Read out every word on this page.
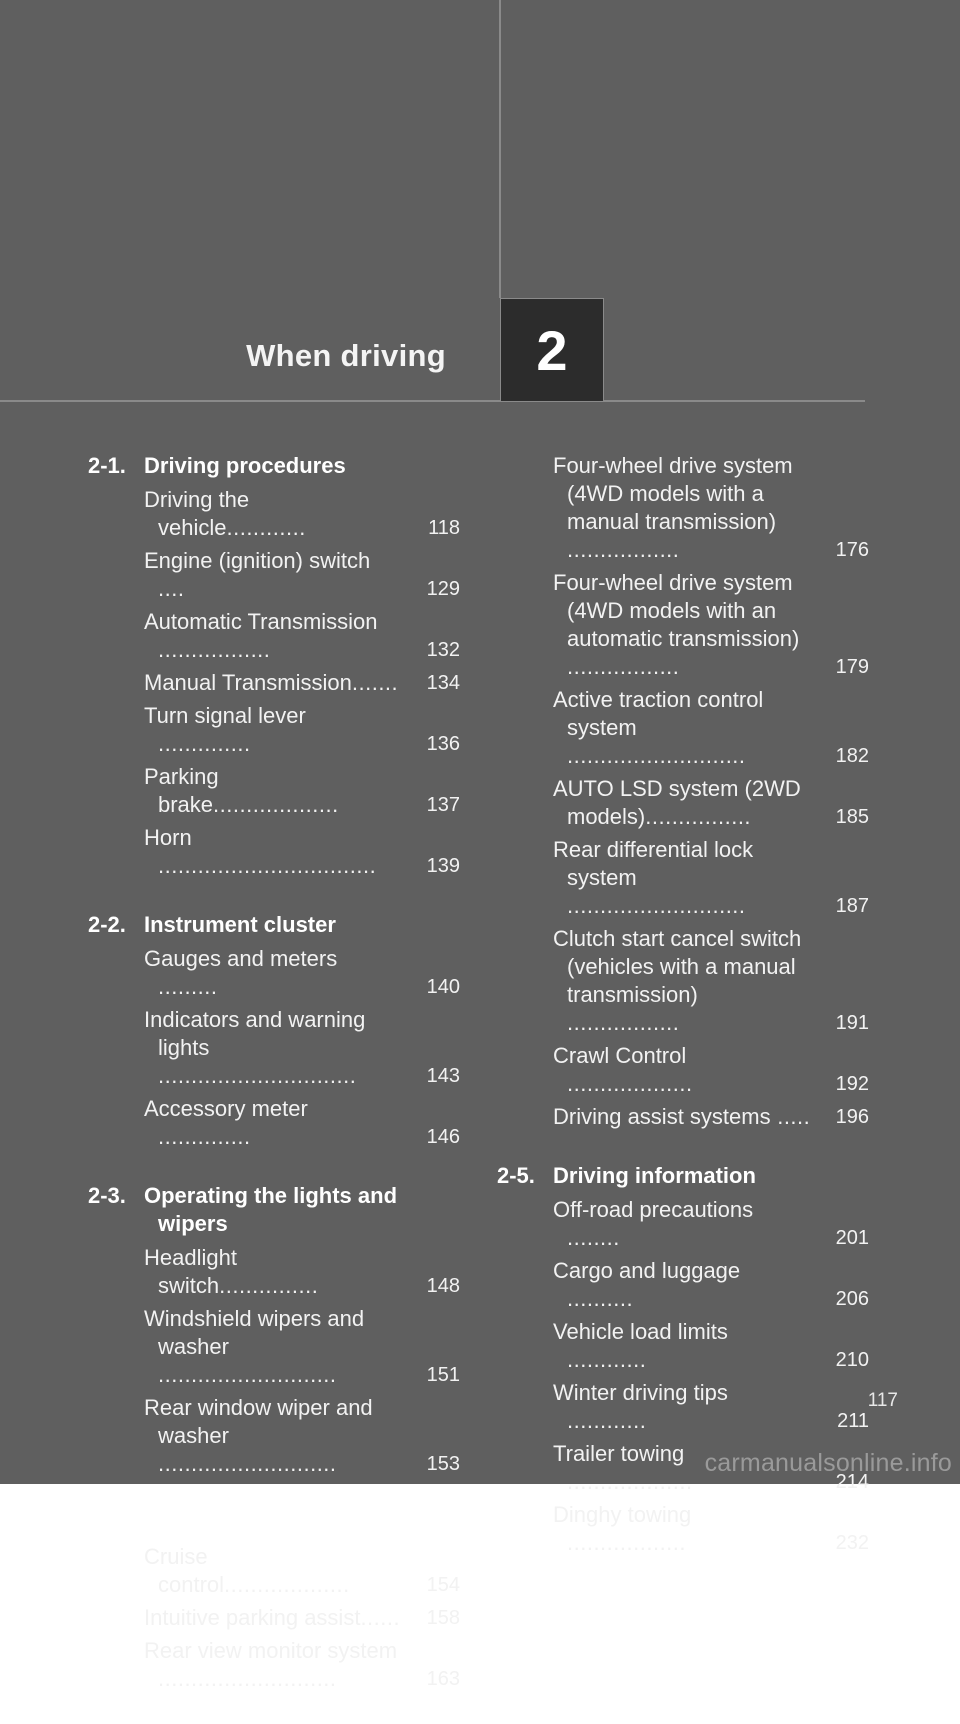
When driving 2
2-1. Driving procedures
Driving the vehicle............	118
Engine (ignition) switch ....	129
Automatic Transmission .................	132
Manual Transmission.......	134
Turn signal lever ..............	136
Parking brake...................	137
Horn .................................	139
2-2. Instrument cluster
Gauges and meters .........	140
Indicators and warning lights ..............................	143
Accessory meter ..............	146
2-3. Operating the lights and wipers
Headlight switch...............	148
Windshield wipers and washer ...........................	151
Rear window wiper and washer ...........................	153
2-4. Using other driving systems
Cruise control...................	154
Intuitive parking assist......	158
Rear view monitor system ...........................	163
Four-wheel drive system (4WD models with a manual transmission) .................	176
Four-wheel drive system (4WD models with an automatic transmission) .................	179
Active traction control system ...........................	182
AUTO LSD system (2WD models)................	185
Rear differential lock system ...........................	187
Clutch start cancel switch (vehicles with a manual transmission) .................	191
Crawl Control ...................	192
Driving assist systems .....	196
2-5. Driving information
Off-road precautions ........	201
Cargo and luggage ..........	206
Vehicle load limits ............	210
Winter driving tips ............	211
Trailer towing ...................	214
Dinghy towing ..................	232
117
carmanualsonline.info
